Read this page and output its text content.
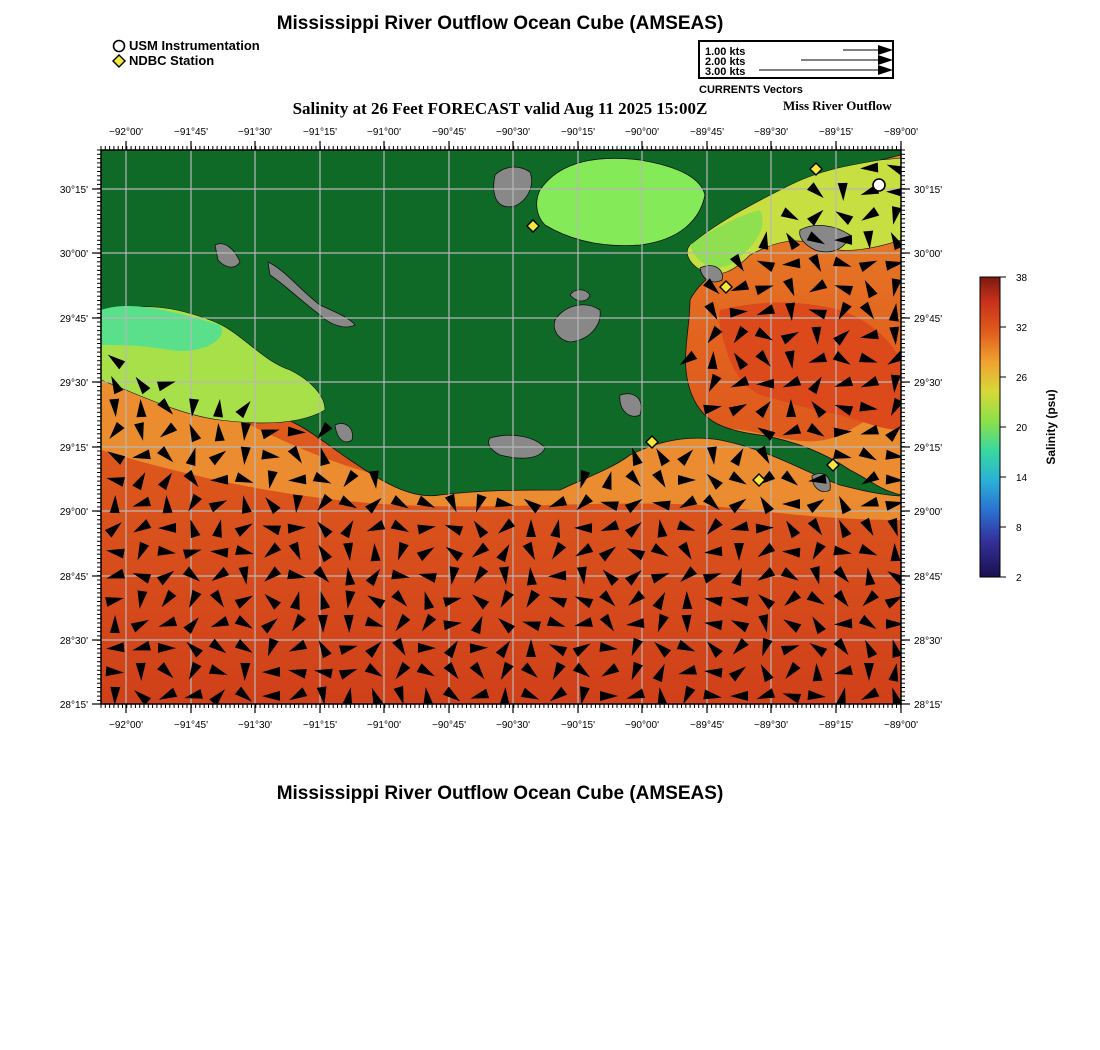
Mississippi River Outflow Ocean Cube (AMSEAS)
USM Instrumentation
NDBC Station
1.00 kts
2.00 kts
3.00 kts
CURRENTS Vectors
Salinity at 26 Feet FORECAST valid Aug 11 2025 15:00Z	Miss River Outflow
Mississippi River Outflow Ocean Cube (AMSEAS)
−92°00'	−91°45'	−91°30'	−91°15'	−91°00'	−90°45'	−90°30'	−90°15'	−90°00'	−89°45'	−89°30'	−89°15'	−89°00'
−92°00'	−91°45'	−91°30'	−91°15'	−91°00'	−90°45'	−90°30'	−90°15'	−90°00'	−89°45'	−89°30'	−89°15'	−89°00'
30°15'
30°00'
29°45'
29°30'
29°15'
29°00'
28°45'
28°30'
28°15'
30°15'
30°00'
29°45'
29°30'
29°15'
29°00'
28°45'
28°30'
28°15'
38
32
26
20
14
8
2
Salinity (psu)
